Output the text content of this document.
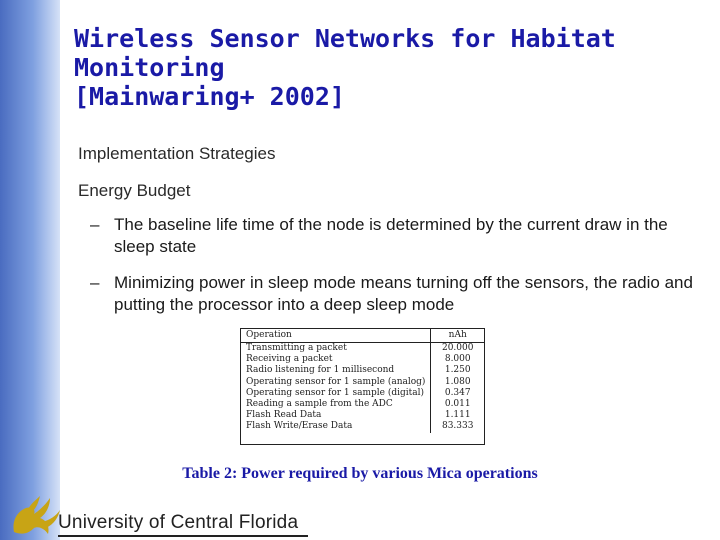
Wireless Sensor Networks for Habitat
Monitoring
[Mainwaring+ 2002]
Implementation Strategies
Energy Budget
– The baseline life time of the node is determined by the current draw in the sleep state
– Minimizing power in sleep mode means turning off the sensors, the radio and putting the processor into a deep sleep mode
Operation	nAh
Transmitting a packet	20.000
Receiving a packet	8.000
Radio listening for 1 millisecond	1.250
Operating sensor for 1 sample (analog)	1.080
Operating sensor for 1 sample (digital)	0.347
Reading a sample from the ADC	0.011
Flash Read Data	1.111
Flash Write/Erase Data	83.333
Table 2: Power required by various Mica operations
University of Central Florida
